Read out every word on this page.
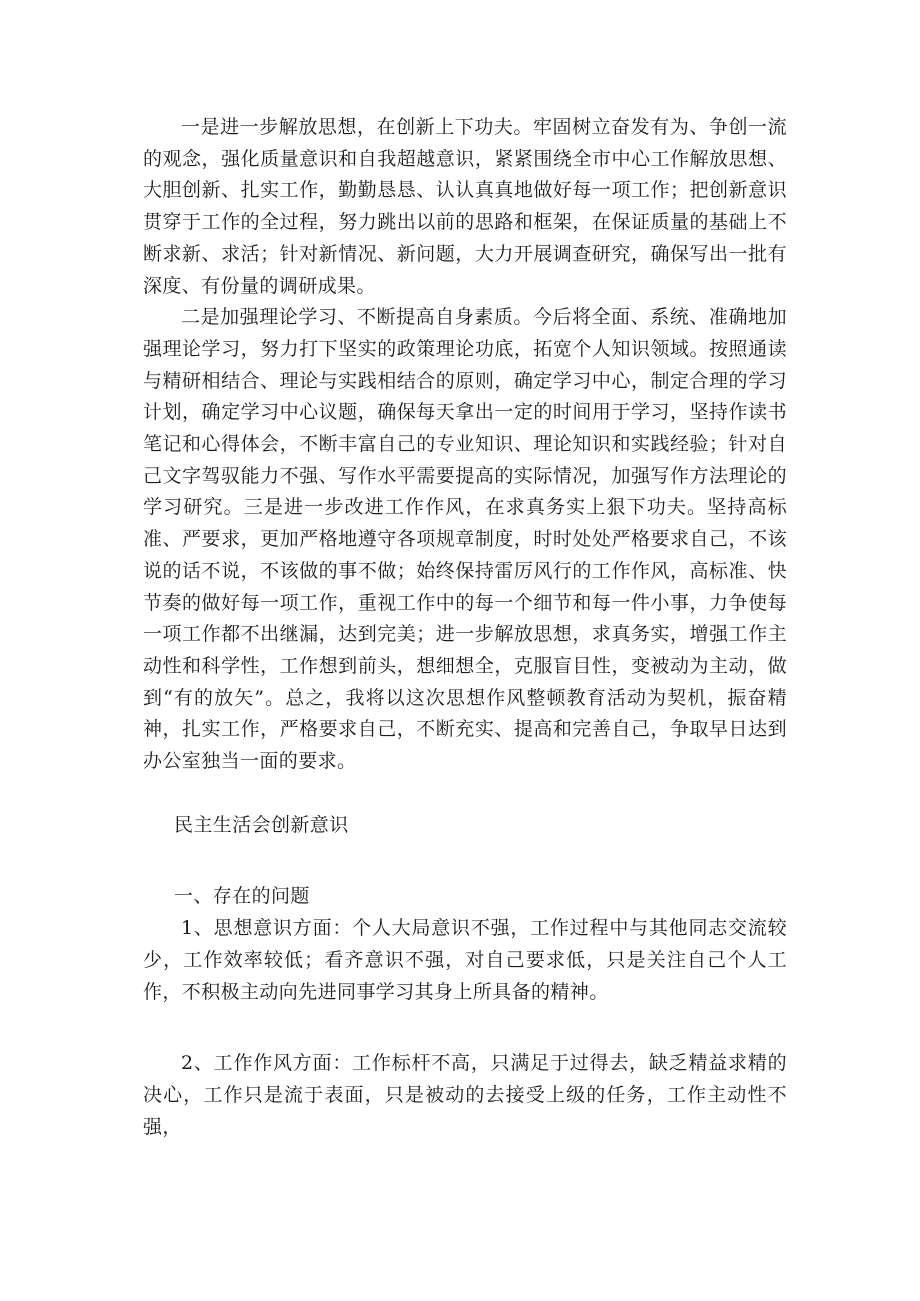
一是进一步解放思想，在创新上下功夫。牢固树立奋发有为、争创一流的观念，强化质量意识和自我超越意识，紧紧围绕全市中心工作解放思想、大胆创新、扎实工作，勤勤恳恳、认认真真地做好每一项工作；把创新意识贯穿于工作的全过程，努力跳出以前的思路和框架，在保证质量的基础上不断求新、求活；针对新情况、新问题，大力开展调查研究，确保写出一批有深度、有份量的调研成果。

二是加强理论学习、不断提高自身素质。今后将全面、系统、准确地加强理论学习，努力打下坚实的政策理论功底，拓宽个人知识领域。按照通读与精研相结合、理论与实践相结合的原则，确定学习中心，制定合理的学习计划，确定学习中心议题，确保每天拿出一定的时间用于学习，坚持作读书笔记和心得体会，不断丰富自己的专业知识、理论知识和实践经验；针对自己文字驾驭能力不强、写作水平需要提高的实际情况，加强写作方法理论的学习研究。三是进一步改进工作作风，在求真务实上狠下功夫。坚持高标准、严要求，更加严格地遵守各项规章制度，时时处处严格要求自己，不该说的话不说，不该做的事不做；始终保持雷厉风行的工作作风，高标准、快节奏的做好每一项工作，重视工作中的每一个细节和每一件小事，力争使每一项工作都不出继漏，达到完美；进一步解放思想，求真务实，增强工作主动性和科学性，工作想到前头，想细想全，克服盲目性，变被动为主动，做到“有的放矢”。总之，我将以这次思想作风整顿教育活动为契机，振奋精神，扎实工作，严格要求自己，不断充实、提高和完善自己，争取早日达到办公室独当一面的要求。

民主生活会创新意识

一、存在的问题

1、思想意识方面：个人大局意识不强，工作过程中与其他同志交流较少，工作效率较低；看齐意识不强，对自己要求低，只是关注自己个人工作，不积极主动向先进同事学习其身上所具备的精神。

2、工作作风方面：工作标杆不高，只满足于过得去，缺乏精益求精的决心，工作只是流于表面，只是被动的去接受上级的任务，工作主动性不强，
